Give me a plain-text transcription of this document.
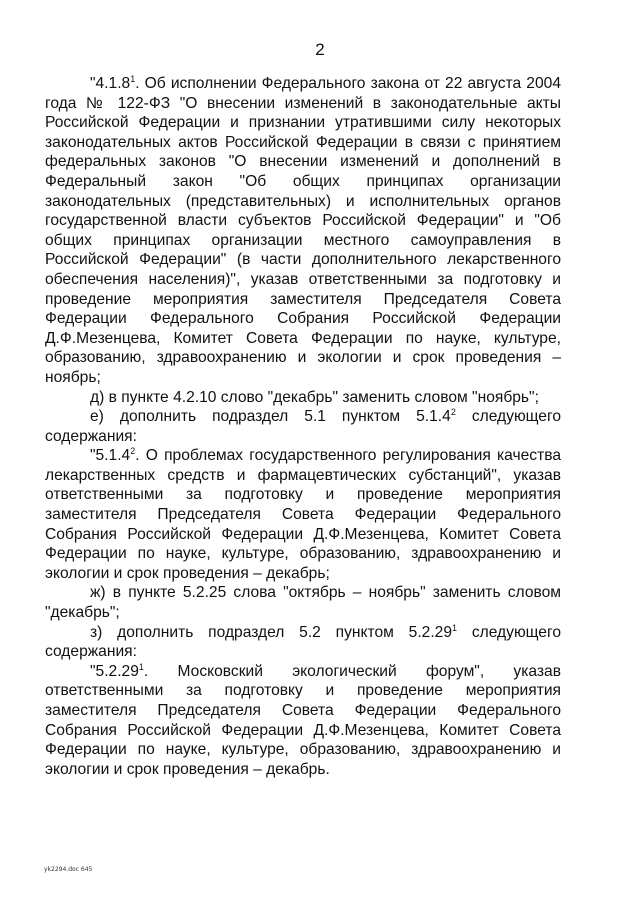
2

"4.1.8$^1$. Об исполнении Федерального закона от 22 августа 2004 года № 122-ФЗ "О внесении изменений в законодательные акты Российской Федерации и признании утратившими силу некоторых законодательных актов Российской Федерации в связи с принятием федеральных законов "О внесении изменений и дополнений в Федеральный закон "Об общих принципах организации законодательных (представительных) и исполнительных органов государственной власти субъектов Российской Федерации" и "Об общих принципах организации местного самоуправления в Российской Федерации" (в части дополнительного лекарственного обеспечения населения)", указав ответственными за подготовку и проведение мероприятия заместителя Председателя Совета Федерации Федерального Собрания Российской Федерации Д.Ф.Мезенцева, Комитет Совета Федерации по науке, культуре, образованию, здравоохранению и экологии и срок проведения – ноябрь;

д) в пункте 4.2.10 слово "декабрь" заменить словом "ноябрь";

е) дополнить подраздел 5.1 пунктом 5.1.4$^2$ следующего содержания:

"5.1.4$^2$. О проблемах государственного регулирования качества лекарственных средств и фармацевтических субстанций", указав ответственными за подготовку и проведение мероприятия заместителя Председателя Совета Федерации Федерального Собрания Российской Федерации Д.Ф.Мезенцева, Комитет Совета Федерации по науке, культуре, образованию, здравоохранению и экологии и срок проведения – декабрь;

ж) в пункте 5.2.25 слова "октябрь – ноябрь" заменить словом "декабрь";

з) дополнить подраздел 5.2 пунктом 5.2.29$^1$ следующего содержания:

"5.2.29$^1$. Московский экологический форум", указав ответственными за подготовку и проведение мероприятия заместителя Председателя Совета Федерации Федерального Собрания Российской Федерации Д.Ф.Мезенцева, Комитет Совета Федерации по науке, культуре, образованию, здравоохранению и экологии и срок проведения – декабрь.

yk2294.doc 645
